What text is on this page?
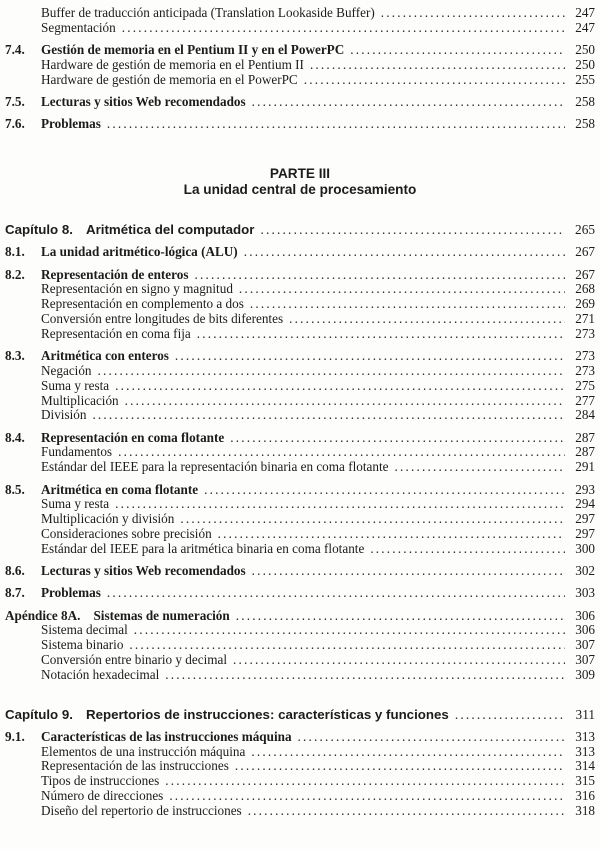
Buffer de traducción anticipada (Translation Lookaside Buffer) .....	247
Segmentación .....	247
7.4.	Gestión de memoria en el Pentium II y en el PowerPC .....	250
Hardware de gestión de memoria en el Pentium II .....	250
Hardware de gestión de memoria en el PowerPC .....	255
7.5.	Lecturas y sitios Web recomendados .....	258
7.6.	Problemas .....	258
PARTE III
La unidad central de procesamiento
Capítulo 8. Aritmética del computador .....	265
8.1.	La unidad aritmético-lógica (ALU) .....	267
8.2.	Representación de enteros .....	267
Representación en signo y magnitud .....	268
Representación en complemento a dos .....	269
Conversión entre longitudes de bits diferentes .....	271
Representación en coma fija .....	273
8.3.	Aritmética con enteros .....	273
Negación .....	273
Suma y resta .....	275
Multiplicación .....	277
División .....	284
8.4.	Representación en coma flotante .....	287
Fundamentos .....	287
Estándar del IEEE para la representación binaria en coma flotante .....	291
8.5.	Aritmética en coma flotante .....	293
Suma y resta .....	294
Multiplicación y división .....	297
Consideraciones sobre precisión .....	297
Estándar del IEEE para la aritmética binaria en coma flotante .....	300
8.6.	Lecturas y sitios Web recomendados .....	302
8.7.	Problemas .....	303
Apéndice 8A. Sistemas de numeración .....	306
Sistema decimal .....	306
Sistema binario .....	307
Conversión entre binario y decimal .....	307
Notación hexadecimal .....	309
Capítulo 9. Repertorios de instrucciones: características y funciones .....	311
9.1.	Características de las instrucciones máquina .....	313
Elementos de una instrucción máquina .....	313
Representación de las instrucciones .....	314
Tipos de instrucciones .....	315
Número de direcciones .....	316
Diseño del repertorio de instrucciones .....	318
